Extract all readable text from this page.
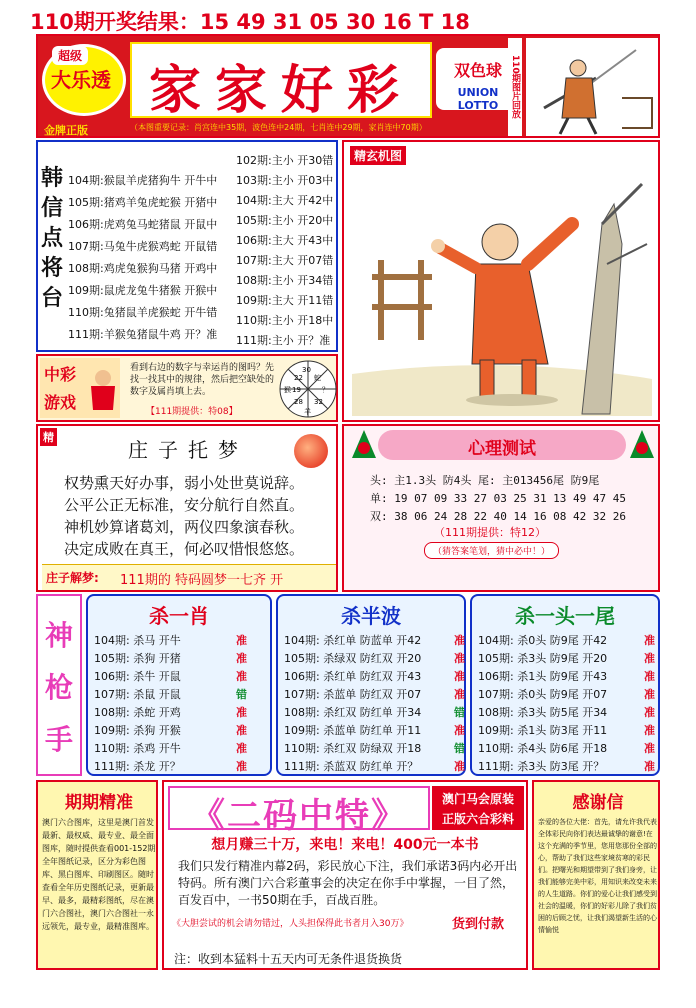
110期开奖结果：15 49 31 05 30 16 T 18
超级
大乐透
金牌正版
家家好彩	双色球
UNION LOTTO	110期图片回放
（本图重要记录：肖宫连中35期，波色连中24期，七肖连中29期，家肖连中70期）
韩信点将台
104期:猴鼠羊虎猪狗牛 开牛中
105期:猪鸡羊兔虎蛇猴 开猪中
106期:虎鸡兔马蛇猪鼠 开鼠中
107期:马兔牛虎猴鸡蛇 开鼠错
108期:鸡虎兔猴狗马猪 开鸡中
109期:鼠虎龙兔牛猪猴 开猴中
110期:兔猪鼠羊虎猴蛇 开牛错
111期:羊猴兔猪鼠牛鸡 开？准
102期:主小 开30错
103期:主小 开03中
104期:主大 开42中
105期:主小 开20中
106期:主大 开43中
107期:主大 开07错
108期:主小 开34错
109期:主大 开11错
110期:主小 开18中
111期:主小 开？准
中彩
游戏
看到右边的数字与幸运肖的图吗？先找一找其中的规律，然后把空缺处的数字及属肖填上去。
【111期提供：特08】
30
22 蛇
19
猴	？
羊
28 32
精玄机图
精
庄子托梦
权势熏天好办事，弱小处世莫说辞。
公平公正无标准，安分航行自然直。
神机妙算诸葛刘，两仪四象演春秋。
决定成败在真王，何必叹惜恨悠悠。
庄子解梦: 111期的 特码圆梦一七齐 开
心理测试
头: 主1.3头 防4头 尾: 主013456尾 防9尾
单: 19 07 09 33 27 03 25 31 13 49 47 45
双: 38 06 24 28 22 40 14 16 08 42 32 26
（111期提供：特12）
（猜答案笔划，猜中必中！）
神
枪
手
杀一肖
104期: 杀马 开牛	准
105期: 杀狗 开猪	准
106期: 杀牛 开鼠	准
107期: 杀鼠 开鼠	错
108期: 杀蛇 开鸡	准
109期: 杀狗 开猴	准
110期: 杀鸡 开牛	准
111期: 杀龙 开？	准
杀半波
104期: 杀红单 防蓝单 开42	准
105期: 杀绿双 防红双 开20	准
106期: 杀红单 防红双 开43	准
107期: 杀蓝单 防红双 开07	准
108期: 杀红双 防红单 开34	错
109期: 杀蓝单 防红单 开11	准
110期: 杀红双 防绿双 开18	错
111期: 杀蓝双 防红单 开？	准
杀一头一尾
104期: 杀0头 防9尾 开42	准
105期: 杀3头 防9尾 开20	准
106期: 杀1头 防9尾 开43	准
107期: 杀0头 防9尾 开07	准
108期: 杀3头 防5尾 开34	准
109期: 杀1头 防3尾 开11	准
110期: 杀4头 防6尾 开18	准
111期: 杀3头 防3尾 开？	准
期期精准
澳门六合图库，这里是澳门首发最新、最权威、最专业、最全面图库，随时提供查看001-152期全年图纸记录，区分为彩色图库、黑白图库、印刷图区。随时查看全年历史图纸记录，更新最早、最多，最精彩图纸，尽在澳门六合图社，澳门六合图社一永远领先，最专业，最精准图库。
《二码中特》	澳门马会原装
正版六合彩料
想月赚三十万，来电！来电！400元一本书
我们只发行精准内幕2码，彩民放心下注，我们承诺3码内必开出特码。所有澳门六合彩董事会的决定在你手中掌握，一目了然，百发百中，一书50期在手，百战百胜。
《大胆尝试的机会请勿错过，人头担保得此书者月入30万》	货到付款
注：收到本猛料十五天内可无条件退货换货
感谢信
亲爱的各位大佬：首先，请允许我代表全体彩民向你们表达最诚挚的谢意!在这个充满的季节里，您用您那份全部的心，帮助了我们这些家境贫寒的彩民们。把曙光和期望带到了我们身旁，让我们能够完美中彩，用知识来改变未来的人生道路。你们的爱心让我们感受到社会的温暖，你们的好彩儿除了我们贫困的后顾之忧，让我们渴望新生活的心情愉悦
